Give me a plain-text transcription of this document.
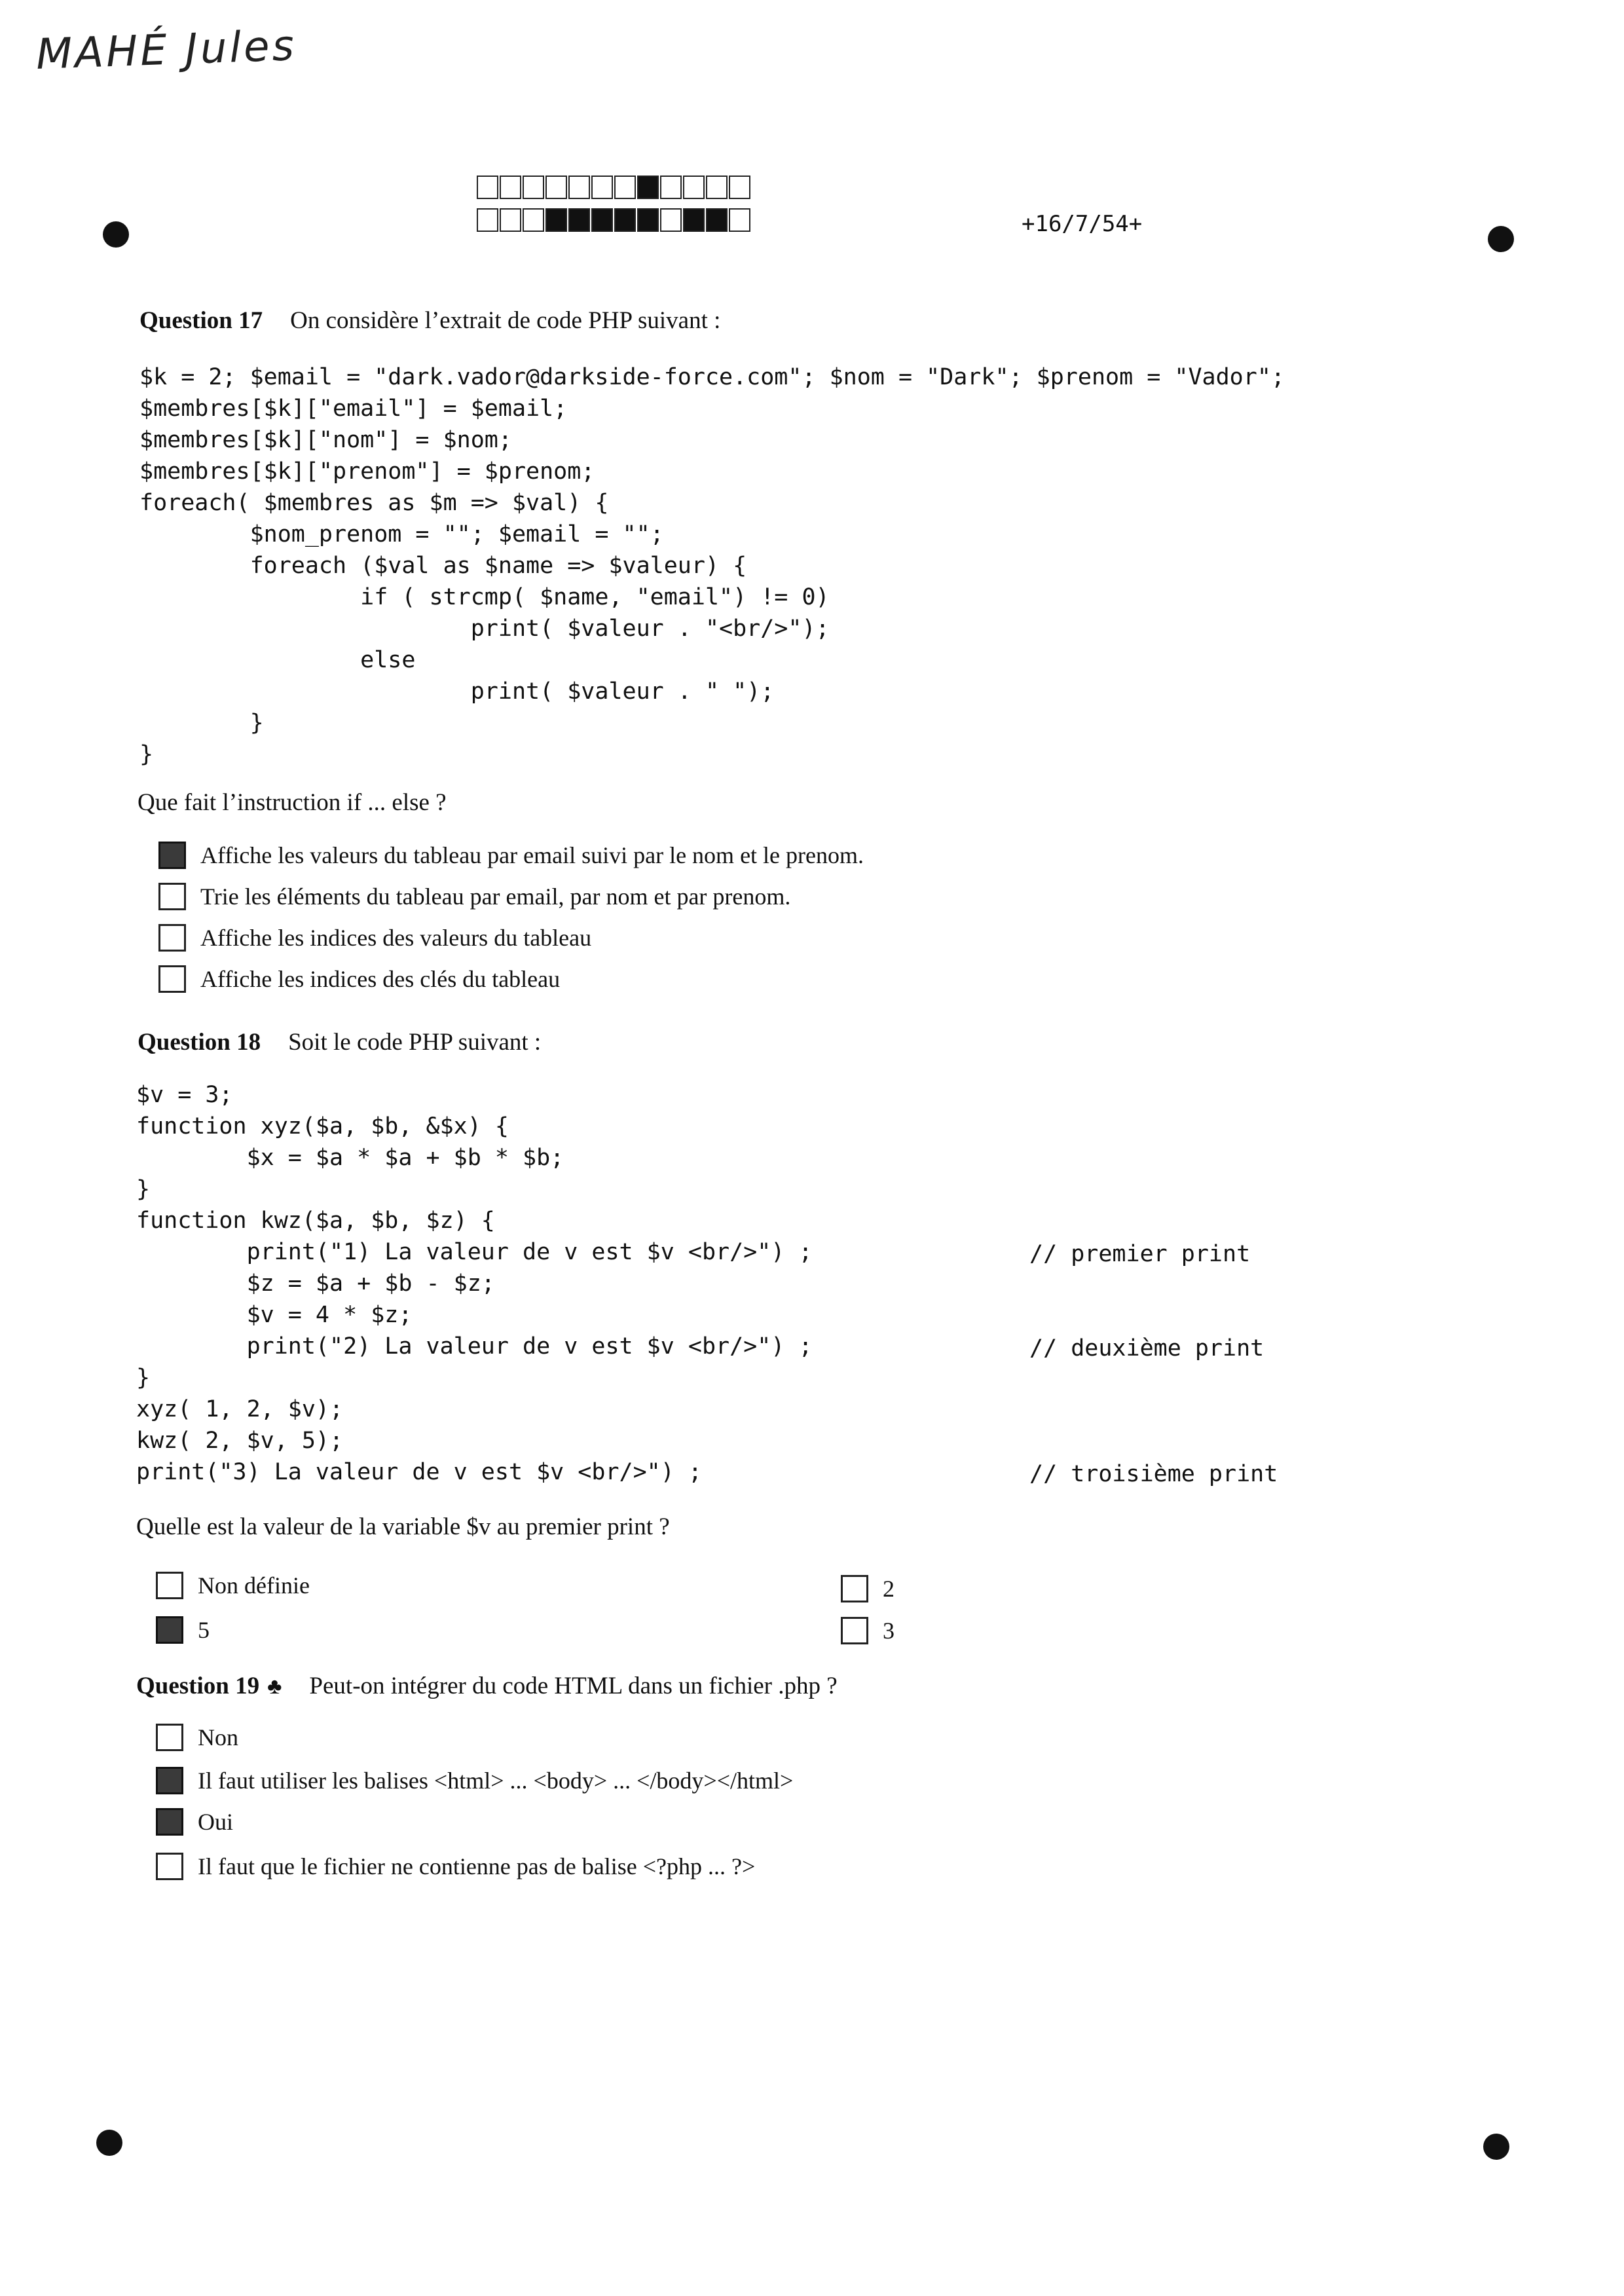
MAHÉ Jules
+16/7/54+
Question 17 On considère l’extrait de code PHP suivant :
$k = 2; $email = "dark.vador@darkside-force.com"; $nom = "Dark"; $prenom = "Vador";
$membres[$k]["email"] = $email;
$membres[$k]["nom"] = $nom;
$membres[$k]["prenom"] = $prenom;
foreach( $membres as $m => $val) {
$nom_prenom = ""; $email = "";
foreach ($val as $name => $valeur) {
if ( strcmp( $name, "email") != 0)
print( $valeur . "<br/>");
else
print( $valeur . " ");
}
}
Que fait l’instruction if ... else ?
Affiche les valeurs du tableau par email suivi par le nom et le prenom.
Trie les éléments du tableau par email, par nom et par prenom.
Affiche les indices des valeurs du tableau
Affiche les indices des clés du tableau
Question 18 Soit le code PHP suivant :
$v = 3;
function xyz($a, $b, &$x) {
$x = $a * $a + $b * $b;
}
function kwz($a, $b, $z) {
print("1) La valeur de v est $v <br/>") ;
$z = $a + $b - $z;
$v = 4 * $z;
print("2) La valeur de v est $v <br/>") ;
}
xyz( 1, 2, $v);
kwz( 2, $v, 5);
print("3) La valeur de v est $v <br/>") ;
// premier print
// deuxième print
// troisième print
Quelle est la valeur de la variable $v au premier print ?
Non définie
5
2
3
Question 19 ♣ Peut-on intégrer du code HTML dans un fichier .php ?
Non
Il faut utiliser les balises <html> ... <body> ... </body></html>
Oui
Il faut que le fichier ne contienne pas de balise <?php ... ?>
